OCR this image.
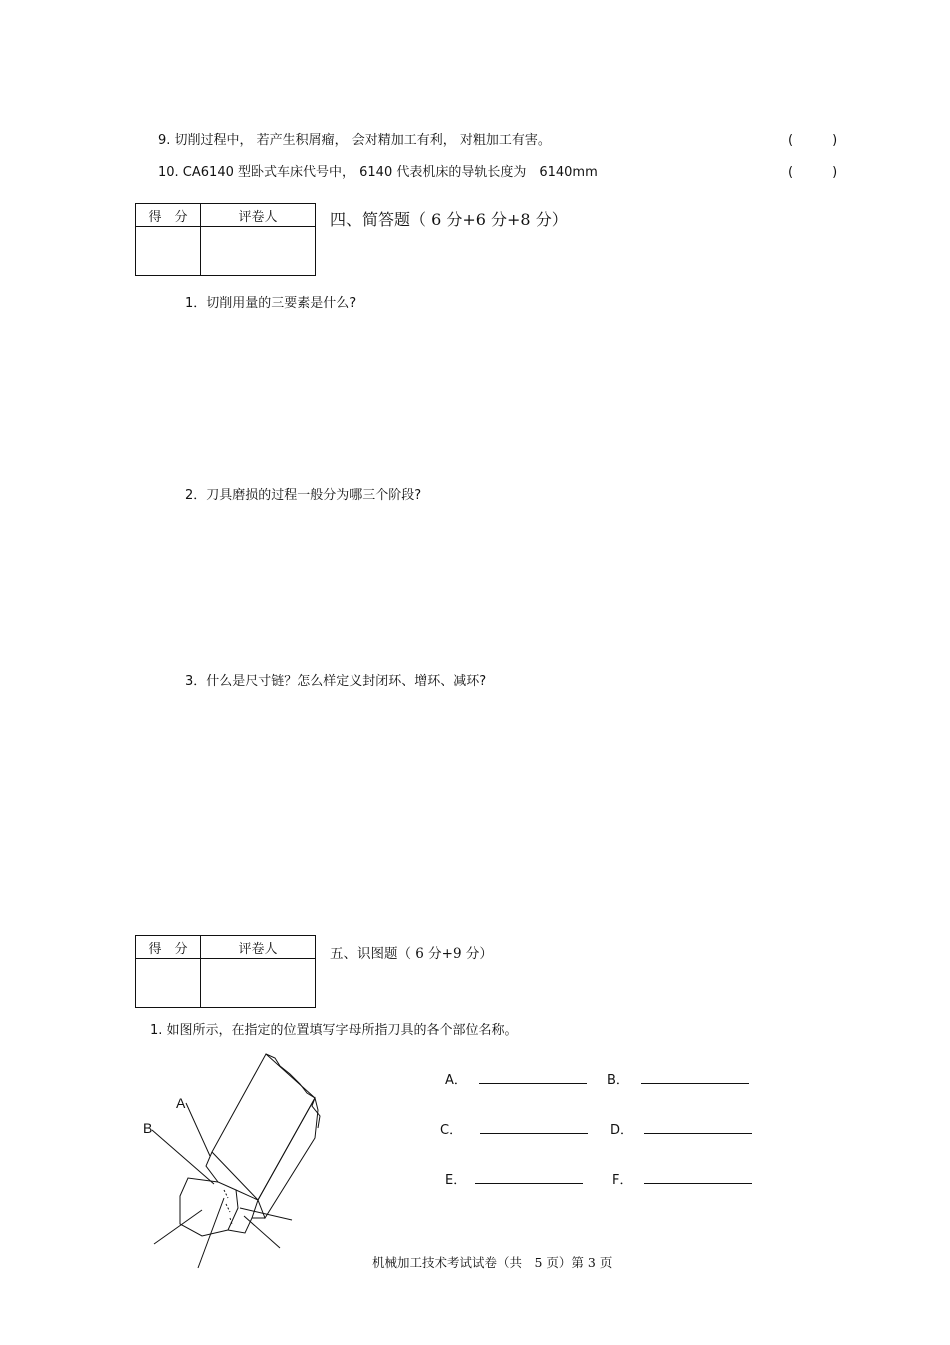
9. 切削过程中， 若产生积屑瘤， 会对精加工有利， 对粗加工有害。	(　　　)
10. CA6140 型卧式车床代号中， 6140 代表机床的导轨长度为　6140mm	(　　　)
得　分	评卷人
		四、简答题（ 6 分+6 分+8 分）
1．切削用量的三要素是什么?
2．刀具磨损的过程一般分为哪三个阶段?
3．什么是尺寸链？怎么样定义封闭环、增环、减环?
得　分	评卷人
		五、识图题（ 6 分+9 分）
1. 如图所示，在指定的位置填写字母所指刀具的各个部位名称。
A
B
A．	B．
C．	D．
E．	F．
机械加工技术考试试卷（共　5 页）第 3 页
